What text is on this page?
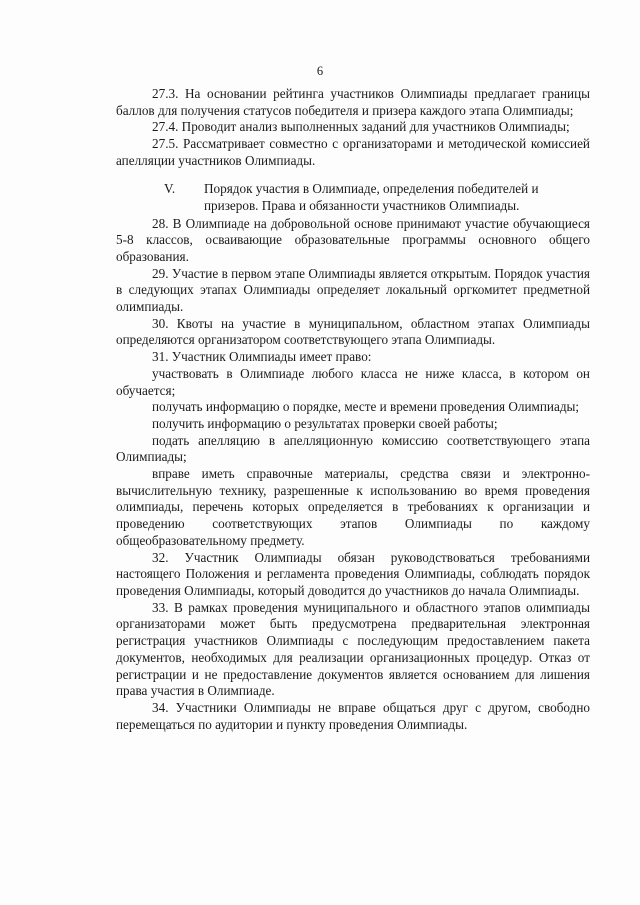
6

27.3. На основании рейтинга участников Олимпиады предлагает границы баллов для получения статусов победителя и призера каждого этапа Олимпиады;

27.4. Проводит анализ выполненных заданий для участников Олимпиады;

27.5. Рассматривает совместно с организаторами и методической комиссией апелляции участников Олимпиады.

V. Порядок участия в Олимпиаде, определения победителей и
призеров. Права и обязанности участников Олимпиады.

28. В Олимпиаде на добровольной основе принимают участие обучающиеся 5-8 классов, осваивающие образовательные программы основного общего образования.

29. Участие в первом этапе Олимпиады является открытым. Порядок участия в следующих этапах Олимпиады определяет локальный оргкомитет предметной олимпиады.

30. Квоты на участие в муниципальном, областном этапах Олимпиады определяются организатором соответствующего этапа Олимпиады.

31. Участник Олимпиады имеет право:

участвовать в Олимпиаде любого класса не ниже класса, в котором он обучается;

получать информацию о порядке, месте и времени проведения Олимпиады;

получить информацию о результатах проверки своей работы;

подать апелляцию в апелляционную комиссию соответствующего этапа Олимпиады;

вправе иметь справочные материалы, средства связи и электронно-вычислительную технику, разрешенные к использованию во время проведения олимпиады, перечень которых определяется в требованиях к организации и проведению соответствующих этапов Олимпиады по каждому общеобразовательному предмету.

32. Участник Олимпиады обязан руководствоваться требованиями настоящего Положения и регламента проведения Олимпиады, соблюдать порядок проведения Олимпиады, который доводится до участников до начала Олимпиады.

33. В рамках проведения муниципального и областного этапов олимпиады организаторами может быть предусмотрена предварительная электронная регистрация участников Олимпиады с последующим предоставлением пакета документов, необходимых для реализации организационных процедур. Отказ от регистрации и не предоставление документов является основанием для лишения права участия в Олимпиаде.

34. Участники Олимпиады не вправе общаться друг с другом, свободно перемещаться по аудитории и пункту проведения Олимпиады.
